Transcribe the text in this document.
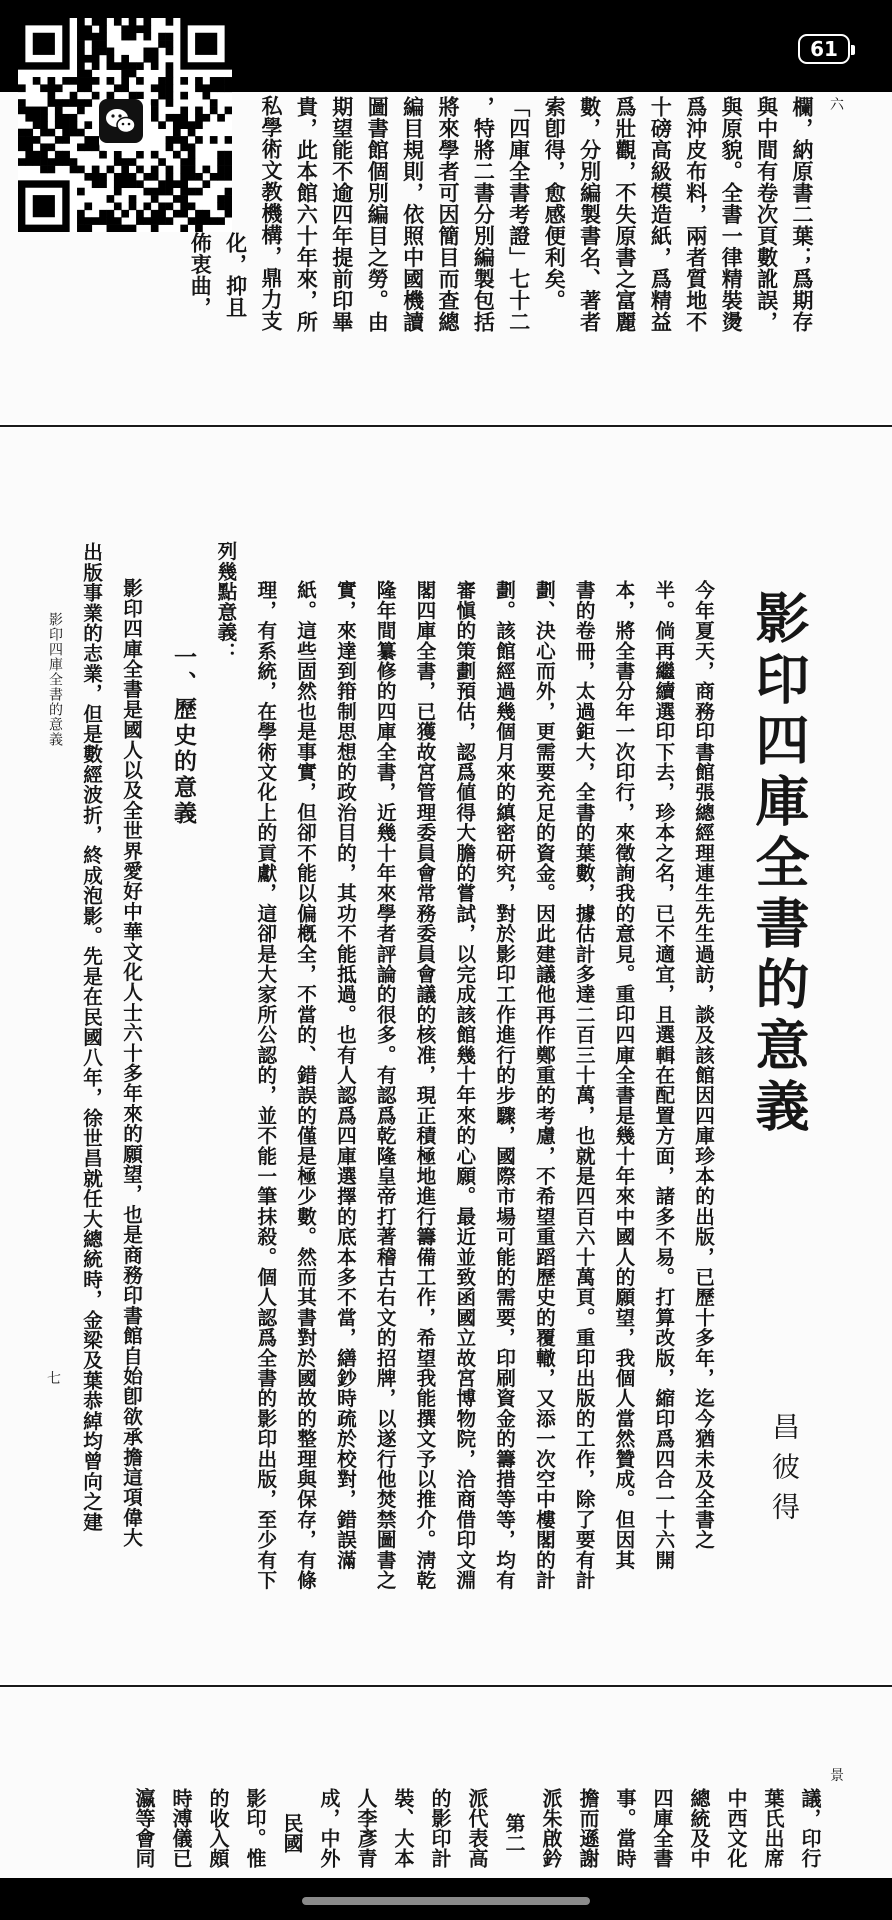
欄，納原書二葉；爲期存
與中間有卷次頁數訛誤，
與原貌。全書一律精裝燙
爲沖皮布料，兩者質地不
十磅高級模造紙，爲精益
爲壯觀，不失原書之富麗
數，分別編製書名、著者
索卽得，愈感便利矣。
「四庫全書考證」七十二
，特將二書分別編製包括
將來學者可因簡目而查總
編目規則，依照中國機讀
圖書館個別編目之勞。由
期望能不逾四年提前印畢
貴，此本館六十年來，所
私學術文教機構，鼎力支
化，抑且
佈衷曲，
六
今年夏天，商務印書館張總經理連生先生過訪，談及該館因四庫珍本的出版，已歷十多年，迄今猶未及全書之
半。倘再繼續選印下去，珍本之名，已不適宜，且選輯在配置方面，諸多不易。打算改版，縮印爲四合一十六開
本，將全書分年一次印行，來徵詢我的意見。重印四庫全書是幾十年來中國人的願望，我個人當然贊成。但因其
書的卷冊，太過鉅大，全書的葉數，據估計多達二百三十萬，也就是四百六十萬頁。重印出版的工作，除了要有計
劃、決心而外，更需要充足的資金。因此建議他再作鄭重的考慮，不希望重蹈歷史的覆轍，又添一次空中樓閣的計
劃。該館經過幾個月來的縝密研究，對於影印工作進行的步驟，國際市場可能的需要，印刷資金的籌措等等，均有
審愼的策劃預估，認爲値得大膽的嘗試，以完成該館幾十年來的心願。最近並致函國立故宮博物院，洽商借印文淵
閣四庫全書，已獲故宮管理委員會常務委員會議的核准，現正積極地進行籌備工作，希望我能撰文予以推介。淸乾
隆年間纂修的四庫全書，近幾十年來學者評論的很多。有認爲乾隆皇帝打著稽古右文的招牌，以遂行他焚禁圖書之
實，來達到箝制思想的政治目的，其功不能抵過。也有人認爲四庫選擇的底本多不當，繕鈔時疏於校對，錯誤滿
紙。這些固然也是事實，但卻不能以偏槪全，不當的、錯誤的僅是極少數。然而其書對於國故的整理與保存，有條
理，有系統，在學術文化上的貢獻，這卻是大家所公認的，並不能一筆抹殺。個人認爲全書的影印出版，至少有下
列幾點意義：
影印四庫全書是國人以及全世界愛好中華文化人士六十多年來的願望，也是商務印書館自始卽欲承擔這項偉大
出版事業的志業，但是數經波折，終成泡影。先是在民國八年，徐世昌就任大總統時，金梁及葉恭綽均曾向之建	影印四庫全書的意義
昌彼得
一、歷史的意義
影印四庫全書的意義
七
議，印行
葉氏出席
中西文化
總統及中
四庫全書
事。當時
擔而遜謝
派朱啟鈐
第二
派代表高
的影印計
裝、大本
人李彥青
成，中外
民國
影印。惟
的收入頗
時溥儀已
瀛等會同
景
61
